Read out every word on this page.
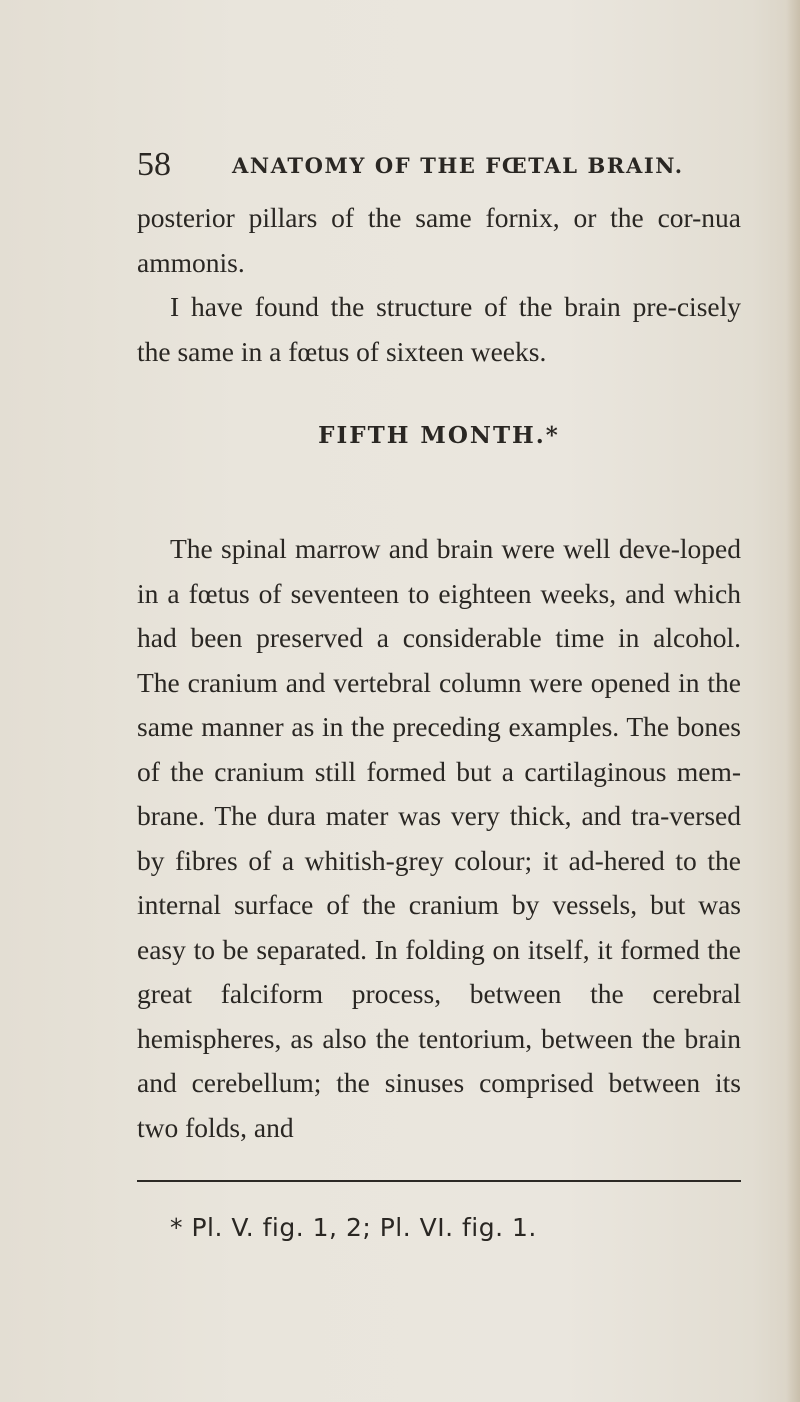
58	ANATOMY OF THE FŒTAL BRAIN.

posterior pillars of the same fornix, or the cor-nua ammonis.

I have found the structure of the brain pre-cisely the same in a fœtus of sixteen weeks.

FIFTH MONTH.*

The spinal marrow and brain were well deve-loped in a fœtus of seventeen to eighteen weeks, and which had been preserved a considerable time in alcohol. The cranium and vertebral column were opened in the same manner as in the preceding examples. The bones of the cranium still formed but a cartilaginous mem-brane. The dura mater was very thick, and tra-versed by fibres of a whitish-grey colour; it ad-hered to the internal surface of the cranium by vessels, but was easy to be separated. In folding on itself, it formed the great falciform process, between the cerebral hemispheres, as also the tentorium, between the brain and cerebellum; the sinuses comprised between its two folds, and

* Pl. V. fig. 1, 2; Pl. VI. fig. 1.
